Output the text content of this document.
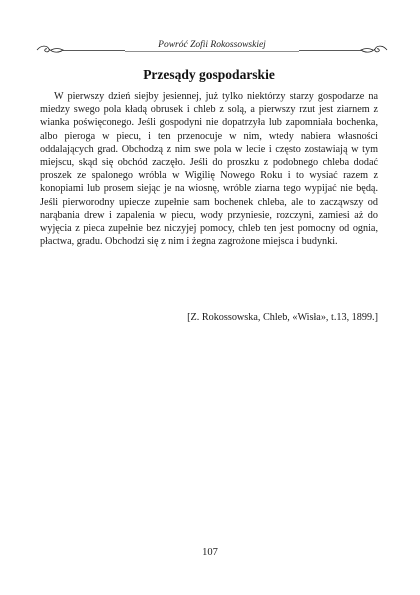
Powróć Zofii Rokossowskiej
Przesądy gospodarskie

W pierwszy dzień siejby jesiennej, już tylko niektórzy starzy gospodarze na miedzy swego pola kładą obrusek i chleb z solą, a pierwszy rzut jest ziarnem z wianka poświęconego. Jeśli gospodyni nie dopatrzyła lub zapomniała bochenka, albo pieroga w piecu, i ten przenocuje w nim, wtedy nabiera własności oddalających grad. Obchodzą z nim swe pola w lecie i często zostawiają w tym miejscu, skąd się obchód zaczęło. Jeśli do proszku z podobnego chleba dodać proszek ze spalonego wróbla w Wigilię Nowego Roku i to wysiać razem z konopiami lub prosem siejąc je na wiosnę, wróble ziarna tego wypijać nie będą. Jeśli pierworodny upiecze zupełnie sam bochenek chleba, ale to zacząwszy od narąbania drew i zapalenia w piecu, wody przyniesie, rozczyni, zamiesi aż do wyjęcia z pieca zupełnie bez niczyjej pomocy, chleb ten jest pomocny od ognia, płactwa, gradu. Obchodzi się z nim i żegna zagrożone miejsca i budynki.

[Z. Rokossowska, Chleb, «Wisła», t.13, 1899.]
107
